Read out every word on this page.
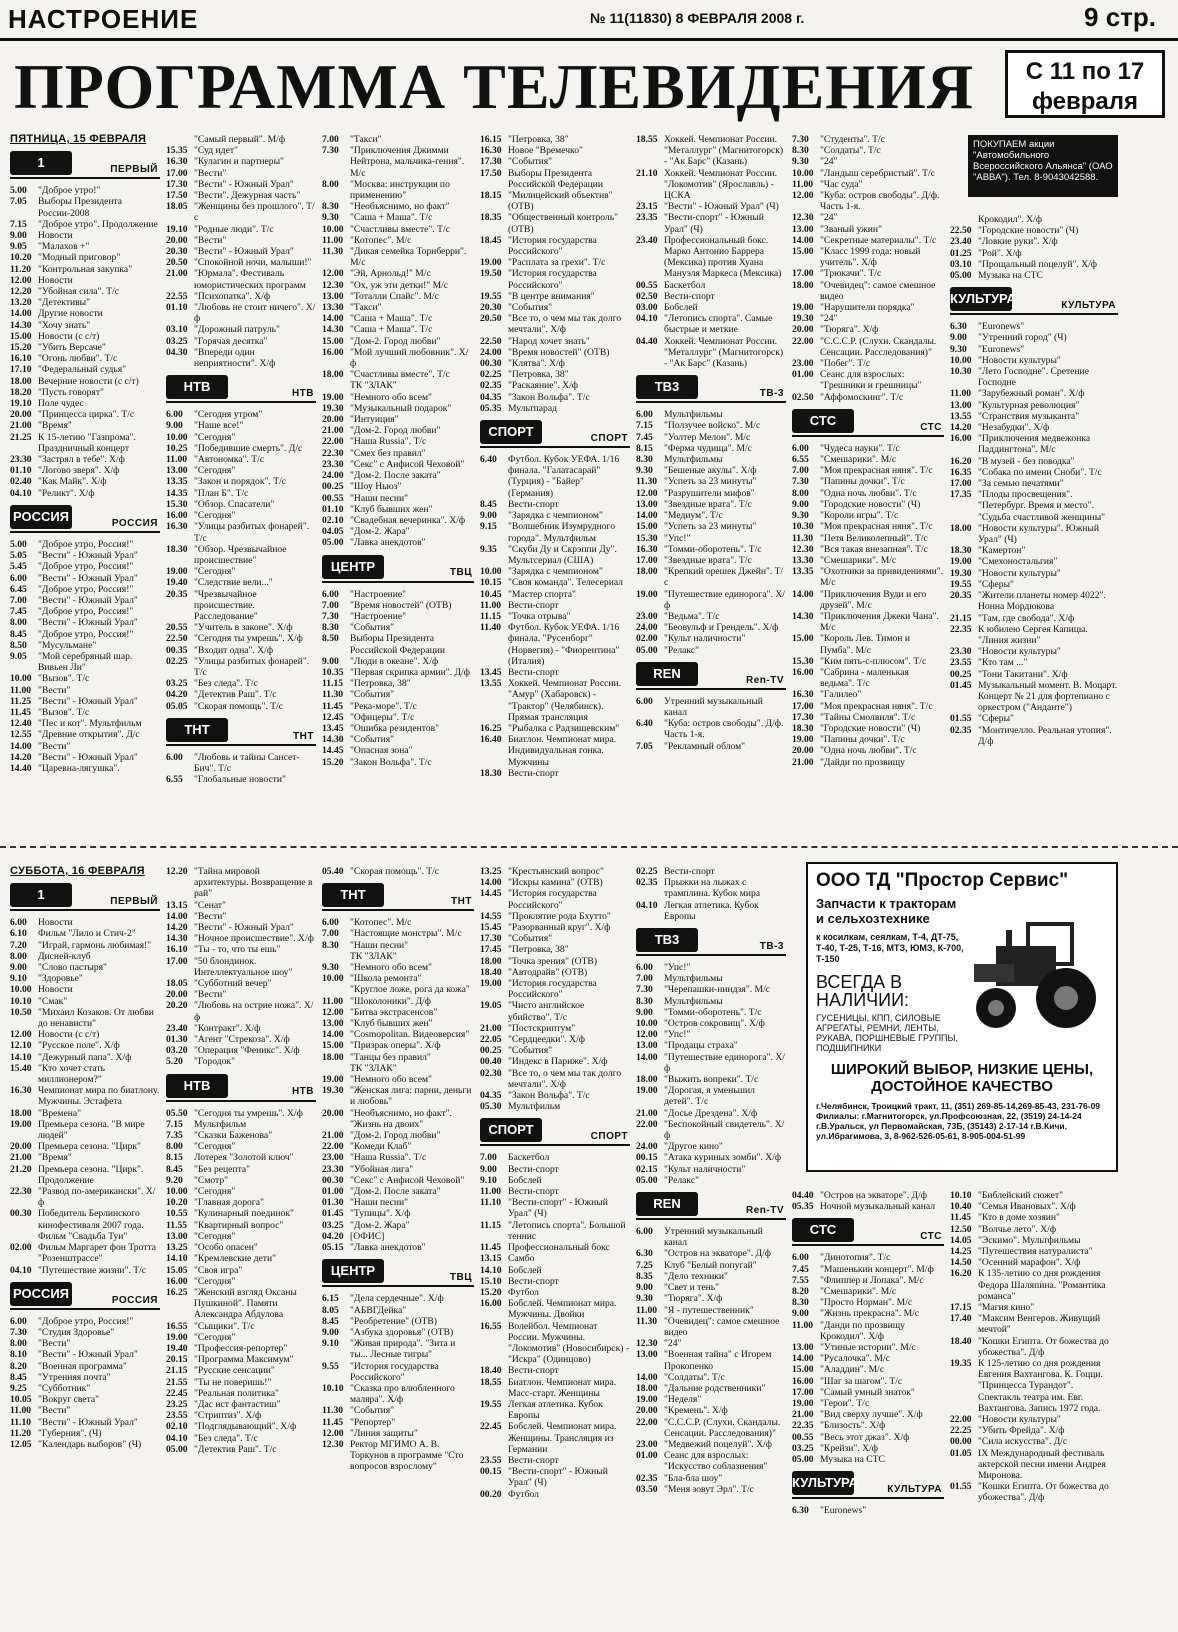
НАСТРОЕНИЕ	№ 11(11830) 8 ФЕВРАЛЯ 2008 г.	9 стр.
ПРОГРАММА ТЕЛЕВИДЕНИЯ	С 11 по 17
февраля
ПОКУПАЕМ акции "Автомобильного Всероссийского Альянса" (ОАО "АВВА"). Тел. 8-9043042588.
ПЯТНИЦА, 15 ФЕВРАЛЯ
1	ПЕРВЫЙ
5.00 "Доброе утро!"
7.05 Выборы Президента России-2008
7.15 "Доброе утро". Продолжение
9.00 Новости
9.05 "Малахов +"
10.20 "Модный приговор"
11.20 "Контрольная закупка"
12.00 Новости
12.20 "Убойная сила". Т/с
13.20 "Детективы"
14.00 Другие новости
14.30 "Хочу знать"
15.00 Новости (с с/т)
15.20 "Убить Версаче"
16.10 "Огонь любви". Т/с
17.10 "Федеральный судья"
18.00 Вечерние новости (с с/т)
18.20 "Пусть говорят"
19.10 Поле чудес
20.00 "Принцесса цирка". Т/с
21.00 "Время"
21.25 К 15-летию "Газпрома". Праздничный концерт
23.30 "Застрял в тебе". Х/ф
01.10 "Логово зверя". Х/ф
02.40 "Как Майк". Х/ф
04.10 "Реликт". Х/ф
РОССИЯ	РОССИЯ
5.00 "Доброе утро, Россия!"
5.05 "Вести" - Южный Урал"
5.45 "Доброе утро, Россия!"
6.00 "Вести" - Южный Урал"
6.45 "Доброе утро, Россия!"
7.00 "Вести" - Южный Урал"
7.45 "Доброе утро, Россия!"
8.00 "Вести" - Южный Урал"
8.45 "Доброе утро, Россия!"
8.50 "Мусульмане"
9.05 "Мой серебряный шар. Вивьен Ли"
10.00 "Вызов". Т/с
11.00 "Вести"
11.25 "Вести" - Южный Урал"
11.45 "Вызов". Т/с
12.40 "Пес и кот". Мультфильм
12.55 "Древние открытия". Д/с
14.00 "Вести"
14.20 "Вести" - Южный Урал"
14.40 "Царевна-лягушка".
"Самый первый". М/ф
15.35 "Суд идет"
16.30 "Кулагин и партнеры"
17.00 "Вести"
17.30 "Вести" - Южный Урал"
17.50 "Вести". Дежурная часть"
18.05 "Женщины без прошлого". Т/с
19.10 "Родные люди". Т/с
20.00 "Вести"
20.30 "Вести" - Южный Урал"
20.50 "Спокойной ночи, малыши!"
21.00 "Юрмала". Фестиваль юмористических программ
22.55 "Психопатка". Х/ф
01.10 "Любовь не стоит ничего". Х/ф
03.10 "Дорожный патруль"
03.25 "Горячая десятка"
04.30 "Впереди один неприятности". Х/ф
НТВ	НТВ
6.00 "Сегодня утром"
9.00 "Наше все!"
10.00 "Сегодня"
10.25 "Победившие смерть". Д/с
11.00 "Автономка". Т/с
13.00 "Сегодня"
13.35 "Закон и порядок". Т/с
14.35 "План Б". Т/с
15.30 "Обзор. Спасатели"
16.00 "Сегодня"
16.30 "Улицы разбитых фонарей". Т/с
18.30 "Обзор. Чрезвычайное происшествие"
19.00 "Сегодня"
19.40 "Следствие вели..."
20.35 "Чрезвычайное происшествие. Расследование"
20.55 "Учитель в законе". Х/ф
22.50 "Сегодня ты умрешь". Х/ф
00.35 "Входит одна". Х/ф
02.25 "Улицы разбитых фонарей". Т/с
03.25 "Без следа". Т/с
04.20 "Детектив Раш". Т/с
05.05 "Скорая помощь". Т/с
ТНТ	ТНТ
6.00 "Любовь и тайны Сансет-Бич". Т/с
6.55 "Глобальные новости"
7.00 "Такси"
7.30 "Приключения Джимми Нейтрона, мальчика-гения". М/с
8.00 "Москва: инструкция по применению"
8.30 "Необъяснимо, но факт"
9.30 "Саша + Маша". Т/с
10.00 "Счастливы вместе". Т/с
11.00 "Котопес". М/с
11.30 "Дикая семейка Торнберри". М/с
12.00 "Эй, Арнольд!" М/с
12.30 "Ох, уж эти детки!" М/с
13.00 "Тоталли Спайс". М/с
13.30 "Такси"
14.00 "Саша + Маша". Т/с
14.30 "Саша + Маша". Т/с
15.00 "Дом-2. Город любви"
16.00 "Мой лучший любовник". Х/ф
18.00 "Счастливы вместе". Т/с
ТК "ЗЛАК"
19.00 "Немного обо всем"
19.30 "Музыкальный подарок"
20.00 "Интуиция"
21.00 "Дом-2. Город любви"
22.00 "Наша Russia". Т/с
22.30 "Смех без правил"
23.30 "Секс" с Анфисой Чеховой"
24.00 "Дом-2. После заката"
00.25 "Шоу Ньюз"
00.55 "Наши песни"
01.10 "Клуб бывших жен"
02.10 "Свадебная вечеринка". Х/ф
04.05 "Дом-2. Жара"
05.00 "Лавка анекдотов"
ЦЕНТР	ТВЦ
6.00 "Настроение"
7.00 "Время новостей" (ОТВ)
7.30 "Настроение"
8.30 "События"
8.50 Выборы Президента Российской Федерации
9.00 "Люди в океане". Х/ф
10.35 "Первая скрипка армии". Д/ф
11.15 "Петровка, 38"
11.30 "События"
11.45 "Река-море". Т/с
12.45 "Офицеры". Т/с
13.45 "Ошибка резидентов"
14.30 "События"
14.45 "Опасная зона"
15.20 "Закон Вольфа". Т/с
16.15 "Петровка, 38"
16.30 Новое "Времечко"
17.30 "События"
17.50 Выборы Президента Российской Федерации
18.15 "Милицейский объектив" (ОТВ)
18.35 "Общественный контроль" (ОТВ)
18.45 "История государства Российского"
19.00 "Расплата за грехи". Т/с
19.50 "История государства Российского"
19.55 "В центре внимания"
20.30 "События"
20.50 "Все то, о чем мы так долго мечтали". Х/ф
22.50 "Народ хочет знать"
24.00 "Время новостей" (ОТВ)
00.30 "Клятва". Х/ф
02.25 "Петровка, 38"
02.35 "Раскаяние". Х/ф
04.35 "Закон Вольфа". Т/с
05.35 Мультпарад
СПОРТ	СПОРТ
6.40 Футбол. Кубок УЕФА. 1/16 финала. "Галатасарай" (Турция) - "Байер" (Германия)
8.45 Вести-спорт
9.00 "Зарядка с чемпионом"
9.15 "Волшебник Изумрудного города". Мультфильм
9.35 "Скуби Ду и Скрэппи Ду". Мультсериал (США)
10.00 "Зарядка с чемпионом"
10.15 "Своя команда". Телесериал
10.45 "Мастер спорта"
11.00 Вести-спорт
11.15 "Точка отрыва"
11.40 Футбол. Кубок УЕФА. 1/16 финала. "Русенборг" (Норвегия) - "Фиорентина" (Италия)
13.45 Вести-спорт
13.55 Хоккей. Чемпионат России. "Амур" (Хабаровск) - "Трактор" (Челябинск). Прямая трансляция
16.25 "Рыбалка с Радзишевским"
16.40 Биатлон. Чемпионат мира. Индивидуальная гонка. Мужчины
18.30 Вести-спорт
18.55 Хоккей. Чемпионат России. "Металлург" (Магнитогорск) - "Ак Барс" (Казань)
21.10 Хоккей. Чемпионат России. "Локомотив" (Ярославль) - ЦСКА
23.15 "Вести" - Южный Урал" (Ч)
23.35 "Вести-спорт" - Южный Урал" (Ч)
23.40 Профессиональный бокс. Марко Антонио Баррера (Мексика) против Хуана Мануэля Маркеса (Мексика)
00.55 Баскетбол
02.50 Вести-спорт
03.00 Бобслей
04.10 "Летопись спорта". Самые быстрые и меткие
04.40 Хоккей. Чемпионат России. "Металлург" (Магнитогорск) - "Ак Барс" (Казань)
ТВ3	ТВ-3
6.00 Мультфильмы
7.15 "Ползучее войско". М/с
7.45 "Уолтер Мелон". М/с
8.15 "Ферма чудища". М/с
8.30 Мультфильмы
9.30 "Бешеные акулы". Х/ф
11.30 "Успеть за 23 минуты"
12.00 "Разрушители мифов"
13.00 "Звездные врата". Т/с
14.00 "Медиум". Т/с
15.00 "Успеть за 23 минуты"
15.30 "Упс!"
16.30 "Томми-оборотень". Т/с
17.00 "Звездные врата". Т/с
18.00 "Крепкий орешек Джейн". Т/с
19.00 "Путешествие единорога". Х/ф
23.00 "Ведьма". Т/с
24.00 "Беовульф и Грендель". Х/ф
02.00 "Культ наличности"
05.00 "Релакс"
REN	Ren-TV
6.00 Утренний музыкальный канал
6.40 "Куба: остров свободы". Д/ф. Часть 1-я.
7.05 "Рекламный облом"
7.30 "Студенты". Т/с
8.30 "Солдаты". Т/с
9.30 "24"
10.00 "Ландыш серебристый". Т/с
11.00 "Час суда"
12.00 "Куба: остров свободы". Д/ф. Часть 1-я.
12.30 "24"
13.00 "Званый ужин"
14.00 "Секретные материалы". Т/с
15.00 "Класс 1999 года: новый учитель". Х/ф
17.00 "Трюкачи". Т/с
18.00 "Очевидец": самое смешное видео
19.00 "Нарушители порядка"
19.30 "24"
20.00 "Тюряга". Х/ф
22.00 "С.С.С.Р. (Слухи. Скандалы. Сенсации. Расследования)"
23.00 "Побег". Т/с
01.00 Сеанс для взрослых: "Грешники и грешницы"
02.50 "Аффомоскинг". Т/с
СТС	СТС
6.00 "Чудеса науки". Т/с
6.55 "Смешарики". М/с
7.00 "Моя прекрасная няня". Т/с
7.30 "Папины дочки". Т/с
8.00 "Одна ночь любви". Т/с
9.00 "Городские новости" (Ч)
9.30 "Короли игры". Т/с
10.30 "Моя прекрасная няня". Т/с
11.30 "Петя Великолепный". Т/с
12.30 "Вся такая внезапная". Т/с
13.30 "Смешарики". М/с
13.35 "Охотники за привидениями". М/с
14.00 "Приключения Вуди и его друзей". М/с
14.30 "Приключения Джеки Чана". М/с
15.00 "Король Лев. Тимон и Пумба". М/с
15.30 "Ким пять-с-плюсом". Т/с
16.00 "Сабрина - маленькая ведьма". Т/с
16.30 "Галилео"
17.00 "Моя прекрасная няня". Т/с
17.30 "Тайны Смолвиля". Т/с
18.30 "Городские новости" (Ч)
19.00 "Папины дочки". Т/с
20.00 "Одна ночь любви". Т/с
21.00 "Дайди по прозвищу
Крокодил". Х/ф
22.50 "Городские новости" (Ч)
23.40 "Ловкие руки". Х/ф
01.25 "Рой". Х/ф
03.10 "Прощальный поцелуй". Х/ф
05.00 Музыка на СТС
КУЛЬТУРА	КУЛЬТУРА
6.30 "Euronews"
9.00 "Утренний город" (Ч)
9.30 "Euronews"
10.00 "Новости культуры"
10.30 "Лето Господне". Сретение Господне
11.00 "Зарубежный роман". Х/ф
13.00 "Культурная революция"
13.55 "Странствия музыканта"
14.20 "Незабудки". Х/ф
16.00 "Приключения медвежонка Паддингтона". М/с
16.20 "В музей - без поводка"
16.35 "Собака по имени Сноби". Т/с
17.00 "За семью печатями"
17.35 "Плоды просвещения". "Петербург. Время и место". "Судьба счастливой женщины"
18.00 "Новости культуры". Южный Урал" (Ч)
18.30 "Камертон"
19.00 "Смехоностальгия"
19.30 "Новости культуры"
19.55 "Сферы"
20.35 "Жители планеты номер 4022". Нонна Мордюкова
21.15 "Там, где свобода". Х/ф
22.35 К юбилею Сергея Капицы. "Линия жизни"
23.30 "Новости культуры"
23.55 "Кто там ..."
00.25 "Тони Такитани". Х/ф
01.45 Музыкальный момент. В. Моцарт. Концерт № 21 для фортепиано с оркестром ("Анданте")
01.55 "Сферы"
02.35 "Монтичелло. Реальная утопия". Д/ф
СУББОТА, 16 ФЕВРАЛЯ
1	ПЕРВЫЙ
6.00 Новости
6.10 Фильм "Лило и Стич-2"
7.20 "Играй, гармонь любимая!"
8.00 Дисней-клуб
9.00 "Слово пастыря"
9.10 "Здоровье"
10.00 Новости
10.10 "Смак"
10.50 "Михаил Козаков. От любви до ненависти"
12.00 Новости (с с/т)
12.10 "Русское поле". Х/ф
14.10 "Дежурный папа". Х/ф
15.40 "Кто хочет стать миллионером?"
16.30 Чемпионат мира по биатлону. Мужчины. Эстафета
18.00 "Времена"
19.00 Премьера сезона. "В мире людей"
20.00 Премьера сезона. "Цирк"
21.00 "Время"
21.20 Премьера сезона. "Цирк". Продолжение
22.30 "Развод по-американски". Х/ф
00.30 Победитель Берлинского кинофестиваля 2007 года. Фильм "Свадьба Туи"
02.00 Фильм Маргарет фон Тротта "Розенштрассе"
04.10 "Путешествие жизни". Т/с
РОССИЯ	РОССИЯ
6.00 "Доброе утро, Россия!"
7.30 "Студия Здоровье"
8.00 "Вести"
8.10 "Вести" - Южный Урал"
8.20 "Военная программа"
8.45 "Утренняя почта"
9.25 "Субботник"
10.05 "Вокруг света"
11.00 "Вести"
11.10 "Вести" - Южный Урал"
11.20 "Губерния". (Ч)
12.05 "Календарь выборов" (Ч)
12.20 "Тайна мировой архитектуры. Возвращение в рай"
13.15 "Сенат"
14.00 "Вести"
14.20 "Вести" - Южный Урал"
14.30 "Ночное происшествие". Х/ф
16.10 "Ты - то, что ты ешь"
17.00 "50 блондинок. Интеллектуальное шоу"
18.05 "Субботний вечер"
20.00 "Вести"
20.20 "Любовь на острие ножа". Х/ф
23.40 "Контракт". Х/ф
01.30 "Агент "Стрекоза". Х/ф
03.20 "Операция "Феникс". Х/ф
5.20 "Городок"
НТВ	НТВ
05.50 "Сегодня ты умрешь". Х/ф
7.15 Мультфильм
7.35 "Сказки Баженова"
8.00 "Сегодня"
8.15 Лотерея "Золотой ключ"
8.45 "Без рецепта"
9.20 "Смотр"
10.00 "Сегодня"
10.20 "Главная дорога"
10.55 "Кулинарный поединок"
11.55 "Квартирный вопрос"
13.00 "Сегодня"
13.25 "Особо опасен"
14.10 "Кремлевские дети"
15.05 "Своя игра"
16.00 "Сегодня"
16.25 "Женский взгляд Оксаны Пушкиной". Памяти Александра Абдулова
16.55 "Сыщики". Т/с
19.00 "Сегодня"
19.40 "Профессия-репортер"
20.15 "Программа Максимум"
21.15 "Русские сенсации"
21.55 "Ты не поверишь!"
22.45 "Реальная политика"
23.25 "Дас ист фантастиш"
23.55 "Стриптиз". Х/ф
02.10 "Подглядывающий". Х/ф
04.10 "Без следа". Т/с
05.00 "Детектив Раш". Т/с
05.40 "Скорая помощь". Т/с
ТНТ	ТНТ
6.00 "Котопес". М/с
7.00 "Настоящие монстры". М/с
8.30 "Наши песни"
ТК "ЗЛАК"
9.30 "Немного обо всем"
10.00 "Школа ремонта"
"Круглое ложе, рога да кожа"
11.00 "Шоколоники". Д/ф
12.00 "Битва экстрасенсов"
13.00 "Клуб бывших жен"
14.00 "Cosmopolitan. Видеоверсия"
15.00 "Призрак оперы". Х/ф
18.00 "Танцы без правил"
ТК "ЗЛАК"
19.00 "Немного обо всем"
19.30 "Женская лига: парни, деньги и любовь"
20.00 "Необъяснимо, но факт". "Жизнь на двоих"
21.00 "Дом-2. Город любви"
22.00 "Комеди Клаб"
23.00 "Наша Russia". Т/с
23.30 "Убойная лига"
00.30 "Секс" с Анфисой Чеховой"
01.00 "Дом-2. После заката"
01.30 "Наши песни"
01.45 "Тупицы". Х/ф
03.25 "Дом-2. Жара"
04.20 [ОФИС]
05.15 "Лавка анекдотов"
ЦЕНТР	ТВЦ
6.15 "Дела сердечные". Х/ф
8.05 "АБВГДейка"
8.45 "Реобретение" (ОТВ)
9.00 "Азбука здоровья" (ОТВ)
9.10 "Живая природа". "Зита и ты... Лесные тигры"
9.55 "История государства Российского"
10.10 "Сказка про влюбленного маляра". Х/ф
11.30 "События"
11.45 "Репортер"
12.00 "Линия защиты"
12.30 Ректор МГИМО А. В. Торкунов в программе "Сто вопросов взрослому"
13.25 "Крестьянский вопрос"
14.00 "Искры камина" (ОТВ)
14.45 "История государства Российского"
14.55 "Проклятие рода Бхутто"
15.45 "Разорванный круг". Х/ф
17.30 "События"
17.45 "Петровка, 38"
18.00 "Точка зрения" (ОТВ)
18.40 "Автодрайв" (ОТВ)
19.00 "История государства Российского"
19.05 "Чисто английское убийство". Т/с
21.00 "Постскриптум"
22.05 "Сердцеедки". Х/ф
00.25 "События"
00.40 "Индекс в Париже". Х/ф
02.30 "Все то, о чем мы так долго мечтали". Х/ф
04.35 "Закон Вольфа". Т/с
05.30 Мультфильм
СПОРТ	СПОРТ
7.00 Баскетбол
9.00 Вести-спорт
9.10 Бобслей
11.00 Вести-спорт
11.10 "Вести-спорт" - Южный Урал" (Ч)
11.15 "Летопись спорта". Большой теннис
11.45 Профессиональный бокс
13.15 Самбо
14.10 Бобслей
15.10 Вести-спорт
15.20 Футбол
16.00 Бобслей. Чемпионат мира. Мужчины. Двойки
16.55 Волейбол. Чемпионат России. Мужчины. "Локомотив" (Новосибирск) - "Искра" (Одинцово)
18.40 Вести-спорт
18.55 Биатлон. Чемпионат мира. Масс-старт. Женщины
19.55 Легкая атлетика. Кубок Европы
22.45 Бобслей. Чемпионат мира. Женщины. Трансляция из Германии
23.55 Вести-спорт
00.15 "Вести-спорт" - Южный Урал" (Ч)
00.20 Футбол
02.25 Вести-спорт
02.35 Прыжки на лыжах с трамплина. Кубок мира
04.10 Легкая атлетика. Кубок Европы
ТВ3	ТВ-3
6.00 "Упс!"
7.00 Мультфильмы
7.30 "Черепашки-ниндзя". М/с
8.30 Мультфильмы
9.00 "Томми-оборотень". Т/с
10.00 "Остров сокровищ". Х/ф
12.00 "Упс!"
13.00 "Продацы страха"
14.00 "Путешествие единорога". Х/ф
18.00 "Выжить вопреки". Т/с
19.00 "Дорогая, я уменьшил детей". Т/с
21.00 "Досье Дрездена". Х/ф
22.00 "Беспокойный свидетель". Х/ф
24.00 "Другое кино"
00.15 "Атака куриных зомби". Х/ф
02.15 "Культ наличности"
05.00 "Релакс"
REN	Ren-TV
6.00 Утренний музыкальный канал
6.30 "Остров на экваторе". Д/ф
7.25 Клуб "Белый попугай"
8.35 "Дело техники"
9.00 "Свет и тень"
9.30 "Тюряга". Х/ф
11.00 "Я - путешественник"
11.30 "Очевидец": самое смешное видео
12.30 "24"
13.00 "Военная тайна" с Игорем Прокопенко
14.00 "Солдаты". Т/с
18.00 "Дальние родственники"
19.00 "Неделя"
20.00 "Кремень". Х/ф
22.00 "С.С.С.Р. (Слухи. Скандалы. Сенсации. Расследования)"
23.00 "Медвежий поцелуй". Х/ф
01.00 Сеанс для взрослых: "Искусство соблазнения"
02.35 "Бла-бла шоу"
03.50 "Меня зовут Эрл". Т/с
04.40 "Остров на экваторе". Д/ф
05.35 Ночной музыкальный канал
СТС	СТС
6.00 "Динотопия". Т/с
7.45 "Машенькин концерт". М/ф
7.55 "Флиппер и Лопака". М/с
8.20 "Смешарики". М/с
8.30 "Просто Норман". М/с
9.00 "Жизнь прекрасна". М/с
11.00 "Данди по прозвищу Крокодил". Х/ф
13.00 "Утиные истории". М/с
14.00 "Русалочка". М/с
15.00 "Аладдин". М/с
16.00 "Шаг за шагом". Т/с
17.00 "Самый умный знаток"
19.00 "Герои". Т/с
21.00 "Вид сверху лучше". Х/ф
22.35 "Близость". Х/ф
00.55 "Весь этот джаз". Х/ф
03.25 "Крейзи". Х/ф
05.00 Музыка на СТС
КУЛЬТУРА	КУЛЬТУРА
6.30 "Euronews"
10.10 "Библейский сюжет"
10.40 "Семья Ивановых". Х/ф
11.45 "Кто в доме хозяин"
12.50 "Волчье лето". Х/ф
14.05 "Эскимо". Мультфильмы
14.25 "Путешествия натуралиста"
14.50 "Осенний марафон". Х/ф
16.20 К 135-летию со дня рождения Федора Шаляпина. "Романтика романса"
17.15 "Магия кино"
17.40 "Максим Венгеров. Живущий мечтой"
18.40 "Кошки Египта. От божества до убожества". Д/ф
19.35 К 125-летию со дня рождения Евгения Вахтангова. К. Гоцци. "Принцесса Турандот". Спектакль театра им. Евг. Вахтангова. Запись 1972 года.
22.00 "Новости культуры"
22.25 "Убить Фрейда". Х/ф
00.00 "Сила искусства". Д/с
01.05 IX Международный фестиваль актерской песни имени Андрея Миронова.
01.55 "Кошки Египта. От божества до убожества". Д/ф
ООО ТД "Простор Сервис"
Запчасти к тракторам и сельхозтехнике
к косилкам, сеялкам, Т-4, ДТ-75, Т-40, Т-25, Т-16, МТЗ, ЮМЗ, К-700, Т-150
ВСЕГДА В НАЛИЧИИ:
ГУСЕНИЦЫ, КПП, СИЛОВЫЕ АГРЕГАТЫ, РЕМНИ, ЛЕНТЫ, РУКАВА, ПОРШНЕВЫЕ ГРУППЫ, ПОДШИПНИКИ
ШИРОКИЙ ВЫБОР, НИЗКИЕ ЦЕНЫ, ДОСТОЙНОЕ КАЧЕСТВО
г.Челябинск, Троицкий тракт, 11, (351) 269-85-14,269-85-43, 231-76-09 Филиалы: г.Магнитогорск, ул.Профсоюзная, 22, (3519) 24-14-24 г.В.Уральск, ул Первомайская, 73Б, (35143) 2-17-14 г.В.Кичи, ул.Ибрагимова, 3, 8-962-526-05-61, 8-905-004-51-99
